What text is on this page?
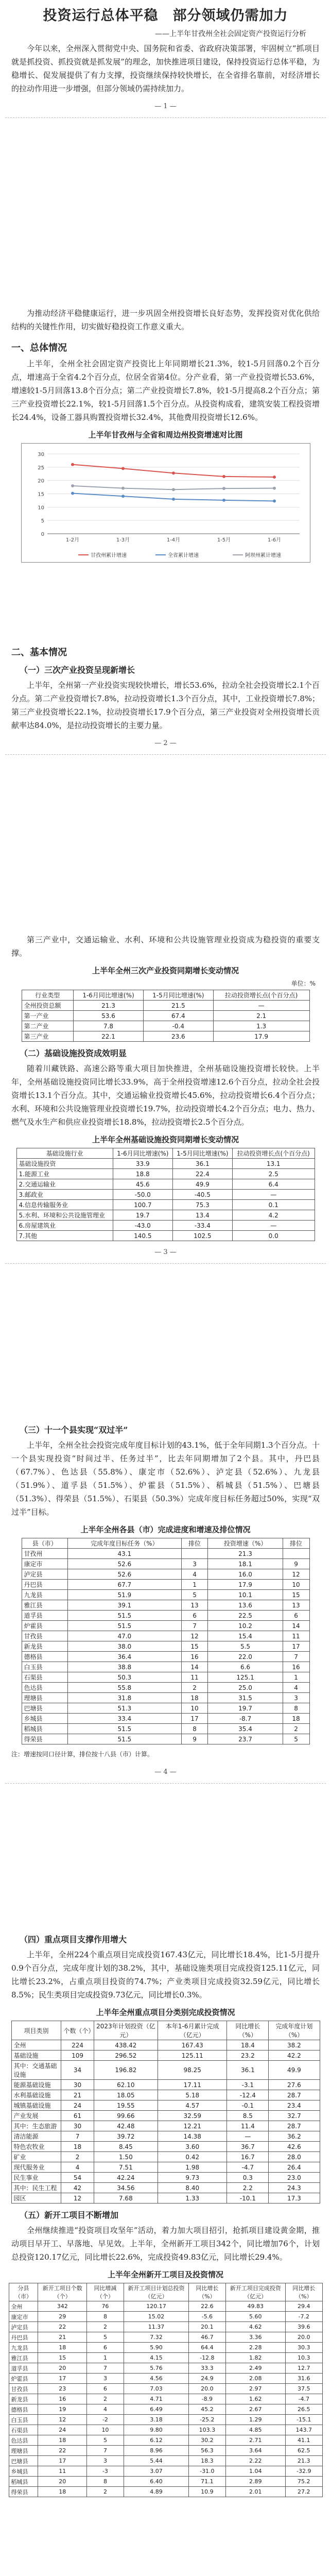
投资运行总体平稳　部分领域仍需加力
——上半年甘孜州全社会固定资产投资运行分析

今年以来，全州深入贯彻党中央、国务院和省委、省政府决策部署，牢固树立“抓项目就是抓投资、抓投资就是抓发展”的理念，加快推进项目建设，保持投资运行总体平稳，为稳增长、促发展提供了有力支撑，投资继续保持较快增长，在全省排名靠前，对经济增长的拉动作用进一步增强，但部分领域仍需持续加力。

— 1 —

为推动经济平稳健康运行，进一步巩固全州投资增长良好态势，发挥投资对优化供给结构的关键性作用，切实做好稳投资工作意义重大。

一、总体情况

上半年，全州全社会固定资产投资比上年同期增长21.3%，较1-5月回落0.2个百分点，增速高于全省4.2个百分点，位居全省第4位。分产业看，第一产业投资增长53.6%，增速较1-5月回落13.8个百分点；第二产业投资增长7.8%，较1-5月提高8.2个百分点；第三产业投资增长22.1%，较1-5月回落1.5个百分点。从投资构成看，建筑安装工程投资增长24.4%，设备工器具购置投资增长32.4%，其他费用投资增长12.6%。

上半年甘孜州与全省和周边州投资增速对比图
0
5
10
15
20
25
30
1-2月	1-3月	1-4月	1-5月	1-6月
甘孜州累计增速	全省累计增速	阿坝州累计增速
二、基本情况
（一）三次产业投资呈现新增长

上半年，全州第一产业投资实现较快增长，增长53.6%，拉动全社会投资增长2.1个百分点。第二产业投资增长7.8%，拉动投资增长1.3个百分点，其中，工业投资增长7.8%；第三产业投资增长22.1%，拉动投资增长17.9个百分点，第三产业投资对全州投资增长贡献率达84.0%，是拉动投资增长的主要力量。

— 2 —

第三产业中，交通运输业、水利、环境和公共设施管理业投资成为稳投资的重要支撑。

上半年全州三次产业投资同期增长变动情况
单位：%
行业类型	1-6月同比增速(%)	1-5月同比增速(%)	拉动投资增长点(个百分点)
全州投资总额	21.3	21.5	—
第一产业	53.6	67.4	2.1
第二产业	7.8	-0.4	1.3
第三产业	22.1	23.6	17.9
（二）基础设施投资成效明显

随着川藏铁路、高速公路等重大项目加快推进，全州基础设施投资增长较快。上半年，全州基础设施投资同比增长33.9%，高于全州投资增速12.6个百分点，拉动全社会投资增长13.1个百分点。其中，交通运输业投资增长45.6%，拉动投资增长6.4个百分点；水利、环境和公共设施管理业投资增长19.7%，拉动投资增长4.2个百分点；电力、热力、燃气及水生产和供应业投资增长18.8%，拉动投资增长2.5个百分点。

上半年全州基础设施投资同期增长变动情况
基础设施行业	1-6月同比增速(%)	1-5月同比增速(%)	拉动投资增长点(个百分点)
基础设施投资	33.9	36.1	13.1
1.能源工业	18.8	22.4	2.5
2.交通运输业	45.6	49.9	6.4
3.邮政业	-50.0	-40.5	—
4.信息传输服务业	100.7	75.3	0.1
5.水利、环境和公共设施管理业	19.7	13.4	4.2
6.房屋建筑业	-43.0	-33.4	—
7.其他	140.5	102.5	0.0
— 3 —
（三）十一个县实现“双过半”

上半年，全州全社会投资完成年度目标计划的43.1%，低于全年同期1.3个百分点。十一个县实现投资“时间过半、任务过半”，比去年同期增加了2个县。其中，丹巴县（67.7%）、色达县（55.8%）、康定市（52.6%）、泸定县（52.6%）、九龙县（51.9%）、道孚县（51.5%）、炉霍县（51.5%）、稻城县（51.5%）、巴塘县（51.3%）、得荣县（51.5%）、石渠县（50.3%）完成年度目标任务超过50%，实现“双过半”目标。

上半年全州各县（市）完成进度和增速及排位情况
县（市）	完成年度目标任务（%）	排位	投资增速（%）	排位
甘孜州	43.1		21.3	
康定市	52.6	3	18.1	9
泸定县	52.6	4	16.0	12
丹巴县	67.7	1	17.9	10
九龙县	51.9	5	10.1	15
雅江县	39.1	13	13.6	13
道孚县	51.5	6	22.5	6
炉霍县	51.5	7	10.2	14
甘孜县	47.0	12	15.4	11
新龙县	38.0	15	5.5	17
德格县	36.4	16	22.0	7
白玉县	38.8	14	6.6	16
石渠县	50.3	11	125.1	1
色达县	55.8	2	25.0	4
理塘县	31.8	18	31.5	3
巴塘县	51.3	10	19.7	8
乡城县	33.4	17	-8.7	18
稻城县	51.5	8	35.4	2
得荣县	51.5	9	23.7	5

注：增速按同口径计算，排位按十八县（市）计算。

— 4 —
（四）重点项目支撑作用增大

上半年，全州224个重点项目完成投资167.43亿元，同比增长18.4%，比1-5月提升0.9个百分点，完成年度计划的38.2%，其中，基础设施类项目完成投资125.11亿元，同比增长23.2%，占重点项目投资的74.7%；产业类项目完成投资32.59亿元，同比增长8.5%；民生类项目完成投资9.73亿元，同比增长0.3%。

上半年全州重点项目分类别完成投资情况
项目类别	个数（个）	2023年计划投资（亿元）	本年1-6月累计完成（亿元）	同比增长（%）	完成年度计划（%）
全州	224	438.42	167.43	18.4	38.2
基础设施	109	296.52	125.11	23.2	42.2
其中：交通基础设施	34	196.82	98.25	36.1	49.9
能源基础设施	30	62.10	17.11	-3.1	27.6
水利基础设施	21	18.05	5.18	-12.4	28.7
城镇基础设施	24	19.55	4.57	-0.1	23.4
产业发展	61	99.66	32.59	8.5	32.7
其中：生态旅游	30	42.48	12.21	11.4	28.7
清洁能源	7	39.72	14.38	—	36.2
特色农牧业	18	8.45	3.60	36.7	42.6
矿业	2	1.50	0.42	16.7	28.0
现代服务业	4	7.51	1.98	-4.7	26.4
民生事业	54	42.24	9.73	0.3	23.0
其中：民生工程	42	34.56	8.40	2.2	24.3
园区	12	7.68	1.33	-10.1	17.3
（五）新开工项目不断增加

全州继续推进“投资项目攻坚年”活动，着力加大项目招引，抢抓项目建设黄金期，推动项目早开工、早落地、早见效。上半年，全州新开工项目342个，同比增加76个，计划总投资120.17亿元，同比增长22.6%，完成投资49.83亿元，同比增长29.4%。

上半年全州新开工项目及投资情况
分县（市）	新开工项目个数（个）	同比增减（个）	新开工项目计划总投资（亿元）	同比增长（%）	新开工项目完成投资（亿元）	同比增长（%）
全州	342	76	120.17	22.6	49.83	29.4
康定市	29	8	15.02	-5.6	5.60	-7.2
泸定县	22	2	11.37	20.1	4.62	39.6
丹巴县	21	5	7.32	46.7	3.36	20.0
九龙县	18	6	5.90	64.4	2.28	30.3
雅江县	15	1	4.15	-12.8	1.82	10.3
道孚县	20	7	5.76	33.3	2.49	12.7
炉霍县	17	3	4.56	24.9	2.08	31.6
甘孜县	23	6	7.03	20.0	2.97	37.5
新龙县	16	2	4.71	-8.9	1.62	-4.7
德格县	19	4	6.49	45.2	2.67	26.5
白玉县	12	-2	3.18	-25.2	1.29	-15.1
石渠县	24	10	9.80	103.3	4.85	143.7
色达县	18	5	6.12	30.2	2.71	41.1
理塘县	22	7	8.96	56.3	3.64	62.5
巴塘县	17	3	5.44	18.3	2.22	21.3
乡城县	11	-3	3.07	-31.0	1.04	-32.9
稻城县	20	8	6.40	71.1	2.89	75.2
得荣县	18	2	4.89	10.9	2.01	27.2
